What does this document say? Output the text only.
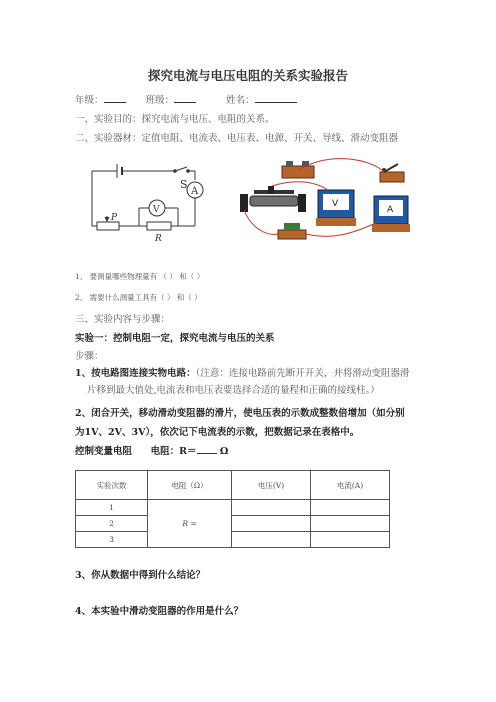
探究电流与电压电阻的关系实验报告
年级：	班级：	姓名：
一、实验目的：探究电流与电压、电阻的关系。
二、实验器材：定值电阻、电流表、电压表、电源、开关、导线、滑动变阻器
S
A
V
P
R
V
A
1、 要测量哪些物理量有 （ ） 和（ ）
2、 需要什么测量工具有（ ） 和（ ）
三、实验内容与步骤：
实验一：控制电阻一定，探究电流与电压的关系
步骤：
1、按电路图连接实物电路：（注意：连接电路前先断开开关，并将滑动变阻器滑
片移到最大值处,电流表和电压表要选择合适的量程和正确的接线柱。）
2、闭合开关，移动滑动变阻器的滑片，使电压表的示数成整数倍增加（如分别
为1V、2V、3V），依次记下电流表的示数，把数据记录在表格中。
控制变量电阻 电阻：R＝ Ω
实验次数	电阻（Ω）	电压(V)	电流(A)
1	R =		
2			
3			
3、你从数据中得到什么结论？
4、本实验中滑动变阻器的作用是什么？
